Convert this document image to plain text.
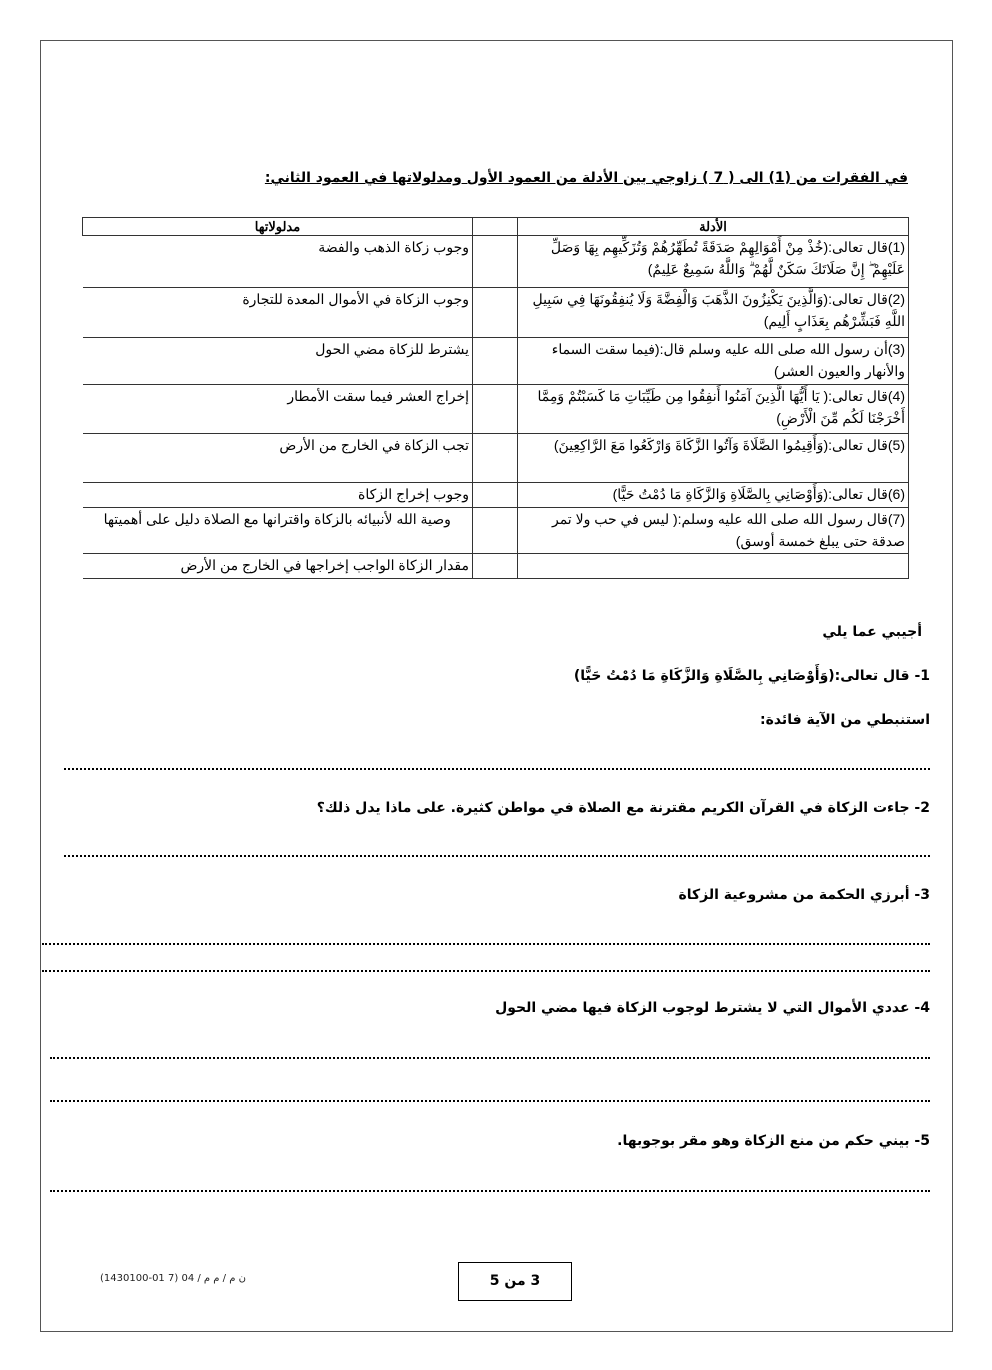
في الفقرات من (1) الى ( 7 ) زاوجي بين الأدلة من العمود الأول ومدلولاتها في العمود الثاني:
الأدلة		مدلولاتها
(1)قال تعالى:(خُذْ مِنْ أَمْوَالِهِمْ صَدَقَةً تُطَهِّرُهُمْ وَتُزَكِّيهِم بِهَا وَصَلِّ عَلَيْهِمْ ۖ إِنَّ صَلَاتَكَ سَكَنٌ لَّهُمْ ۗ وَاللَّهُ سَمِيعٌ عَلِيمٌ)		وجوب زكاة الذهب والفضة
(2)قال تعالى:(وَالَّذِينَ يَكْنِزُونَ الذَّهَبَ وَالْفِضَّةَ وَلَا يُنفِقُونَهَا فِي سَبِيلِ اللَّهِ فَبَشِّرْهُم بِعَذَابٍ أَلِيم)		وجوب الزكاة في الأموال المعدة للتجارة
(3)أن رسول الله صلى الله عليه وسلم قال:(فيما سقت السماء والأنهار والعيون العشر)		يشترط للزكاة مضي الحول
(4)قال تعالى:( يَا أَيُّهَا الَّذِينَ آمَنُوا أَنفِقُوا مِن طَيِّبَاتِ مَا كَسَبْتُمْ وَمِمَّا أَخْرَجْنَا لَكُم مِّنَ الْأَرْضِ)		إخراج العشر فيما سقت الأمطار
(5)قال تعالى:(وَأَقِيمُوا الصَّلَاةَ وَآتُوا الزَّكَاةَ وَارْكَعُوا مَعَ الرَّاكِعِينَ)		تجب الزكاة في الخارج من الأرض
(6)قال تعالى:(وَأَوْصَانِي بِالصَّلَاةِ وَالزَّكَاةِ مَا دُمْتُ حَيًّا)		وجوب إخراج الزكاة
(7)قال رسول الله صلى الله عليه وسلم:( ليس في حب ولا تمر صدقة حتى يبلغ خمسة أوسق)		وصية الله لأنبيائه بالزكاة واقترانها مع الصلاة دليل على أهميتها
		مقدار الزكاة الواجب إخراجها في الخارج من الأرض
أجيبي عما يلي
1- قال تعالى:(وَأَوْصَانِي بِالصَّلَاةِ وَالزَّكَاةِ مَا دُمْتُ حَيًّا)
استنبطي من الآية فائدة:
2- جاءت الزكاة في القرآن الكريم مقترنة مع الصلاة في مواطن كثيرة. على ماذا يدل ذلك؟
3- أبرزي الحكمة من مشروعية الزكاة
4- عددي الأموال التي لا يشترط لوجوب الزكاة فيها مضي الحول
5- بيني حكم من منع الزكاة وهو مقر بوجوبها.
3 من 5
ن م / م م / 04 (7 01-1430100)
